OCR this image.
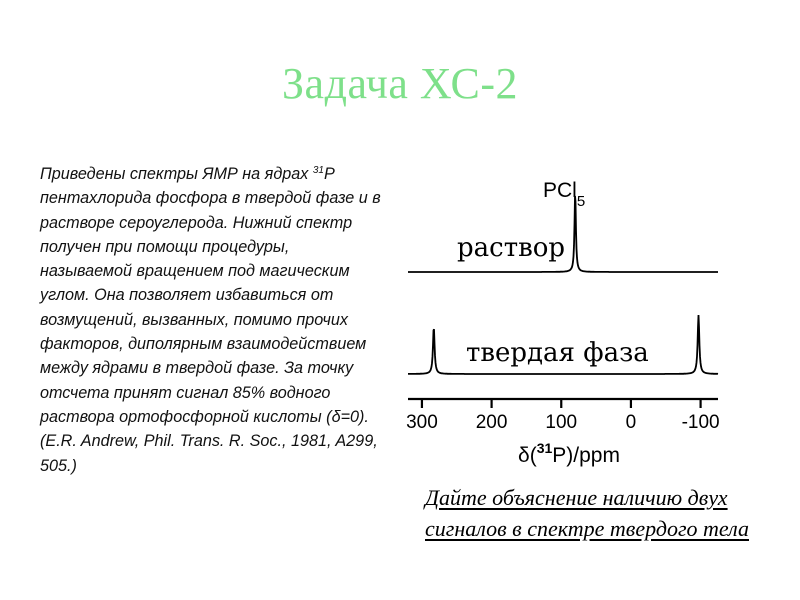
Задача ХС-2

Приведены спектры ЯМР на ядрах $^{31}$P пентахлорида фосфора в твердой фазе и в растворе сероуглерода. Нижний спектр получен при помощи процедуры, называемой вращением под магическим углом. Она позволяет избавиться от возмущений, вызванных, помимо прочих факторов, диполярным взаимодействием между ядрами в твердой фазе. За точку отсчета принят сигнал 85% водного раствора ортофосфорной кислоты (δ=0). (E.R. Andrew, Phil. Trans. R. Soc., 1981, A299, 505.)

PCl$_5$
раствор
твердая фаза
300 200 100	0 -100
δ($^{31}$P)/ppm

Дайте объяснение наличию двух сигналов в спектре твердого тела
